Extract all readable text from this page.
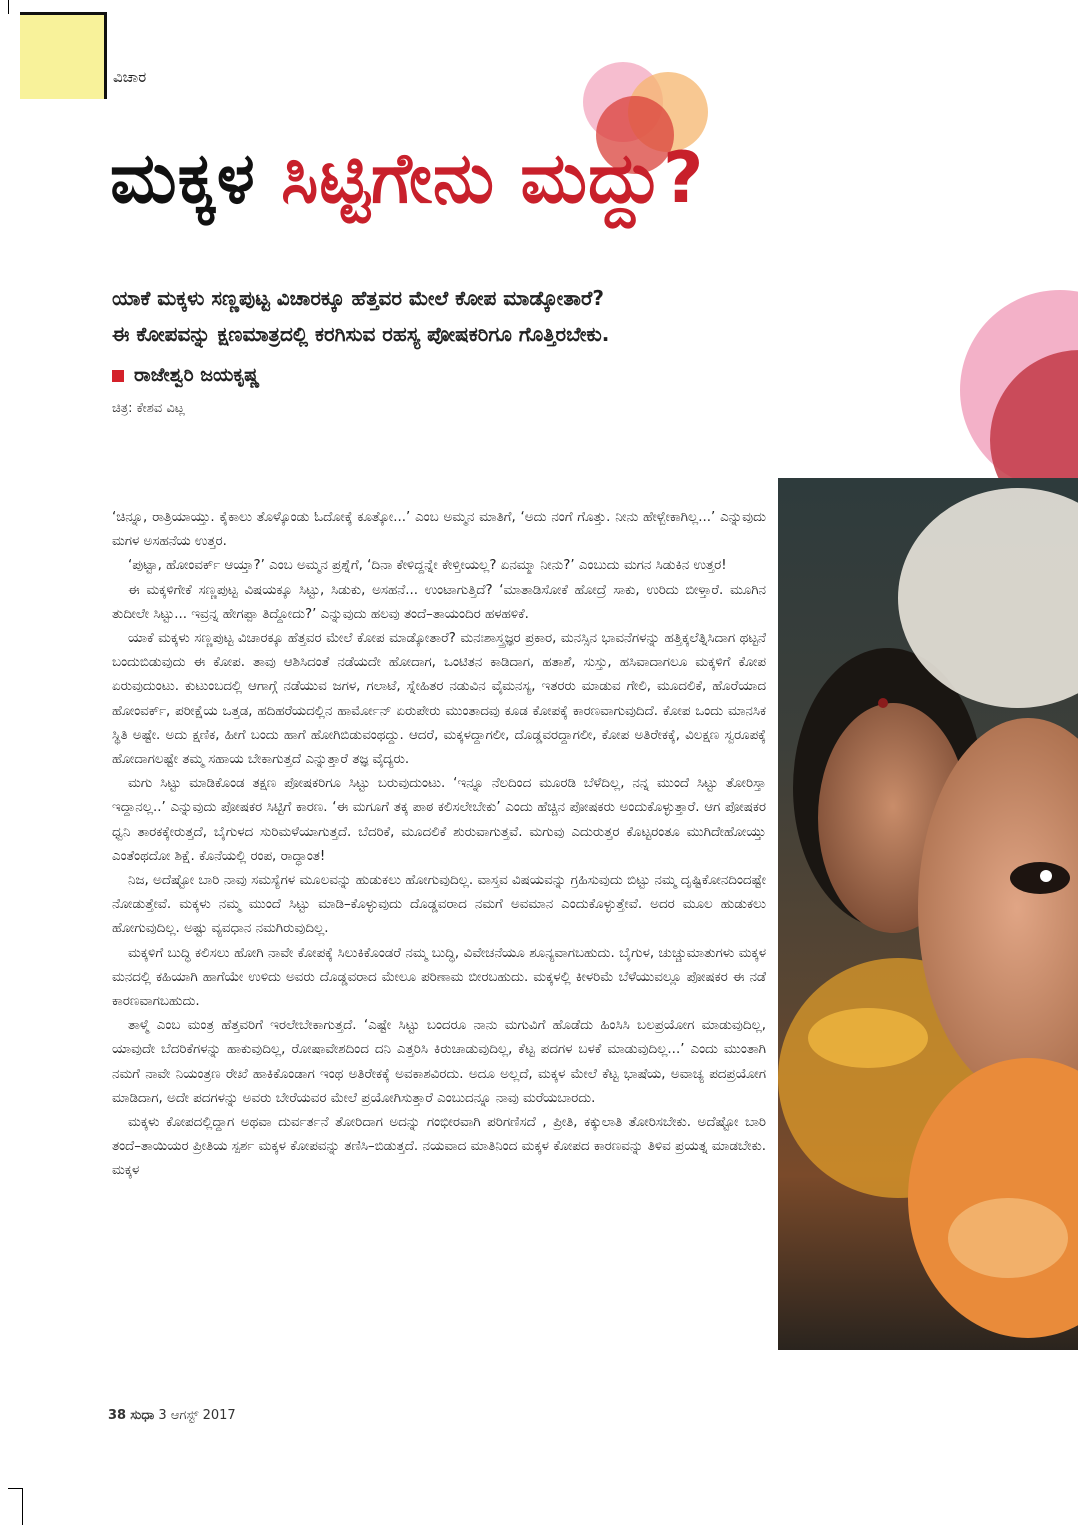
ವಿಚಾರ
ಮಕ್ಕಳ ಸಿಟ್ಟಿಗೇನು ಮದ್ದು?
ಯಾಕೆ ಮಕ್ಕಳು ಸಣ್ಣಪುಟ್ಟ ವಿಚಾರಕ್ಕೂ ಹೆತ್ತವರ ಮೇಲೆ ಕೋಪ ಮಾಡ್ಕೋತಾರೆ?
ಈ ಕೋಪವನ್ನು ಕ್ಷಣಮಾತ್ರದಲ್ಲಿ ಕರಗಿಸುವ ರಹಸ್ಯ ಪೋಷಕರಿಗೂ ಗೊತ್ತಿರಬೇಕು.
ರಾಜೇಶ್ವರಿ ಜಯಕೃಷ್ಣ
ಚಿತ್ರ: ಕೇಶವ ವಿಟ್ಲ

‘ಚಿನ್ನೂ, ರಾತ್ರಿಯಾಯ್ತು. ಕೈಕಾಲು ತೊಳ್ಕೊಂಡು ಓದೋಕ್ಕೆ ಕೂತ್ಕೋ...’ ಎಂಬ ಅಮ್ಮನ ಮಾತಿಗೆ, ‘ಅದು ನಂಗೆ ಗೊತ್ತು. ನೀನು ಹೇಳ್ಬೇಕಾಗಿಲ್ಲ...’ ಎನ್ನುವುದು ಮಗಳ ಅಸಹನೆಯ ಉತ್ತರ.

‘ಪುಟ್ಟಾ, ಹೋಂವರ್ಕ್ ಆಯ್ತಾ?’ ಎಂಬ ಅಮ್ಮನ ಪ್ರಶ್ನೆಗೆ, ‘ದಿನಾ ಕೇಳಿದ್ದನ್ನೇ ಕೇಳ್ತೀಯಲ್ಲ? ಏನಮ್ಮಾ ನೀನು?’ ಎಂಬುದು ಮಗನ ಸಿಡುಕಿನ ಉತ್ತರ!

ಈ ಮಕ್ಕಳಿಗೇಕೆ ಸಣ್ಣಪುಟ್ಟ ವಿಷಯಕ್ಕೂ ಸಿಟ್ಟು, ಸಿಡುಕು, ಅಸಹನೆ... ಉಂಟಾಗುತ್ತಿದೆ? ‘ಮಾತಾಡಿಸೋಕೆ ಹೋದ್ರೆ ಸಾಕು, ಉರಿದು ಬೀಳ್ತಾರೆ. ಮೂಗಿನ ತುದೀಲೇ ಸಿಟ್ಟು... ಇವ್ರನ್ನ ಹೇಗಪ್ಪಾ ತಿದ್ದೋದು?’ ಎನ್ನುವುದು ಹಲವು ತಂದೆ–ತಾಯಂದಿರ ಹಳಹಳಿಕೆ.

ಯಾಕೆ ಮಕ್ಕಳು ಸಣ್ಣಪುಟ್ಟ ವಿಚಾರಕ್ಕೂ ಹೆತ್ತವರ ಮೇಲೆ ಕೋಪ ಮಾಡ್ಕೋತಾರೆ? ಮನಃಶಾಸ್ತ್ರಜ್ಞರ ಪ್ರಕಾರ, ಮನಸ್ಸಿನ ಭಾವನೆಗಳನ್ನು ಹತ್ತಿಕ್ಕಲೆತ್ನಿಸಿದಾಗ ಥಟ್ಟನೆ ಬಂದುಬಿಡುವುದು ಈ ಕೋಪ. ತಾವು ಆಶಿಸಿದಂತೆ ನಡೆಯದೇ ಹೋದಾಗ, ಒಂಟಿತನ ಕಾಡಿದಾಗ, ಹತಾಶೆ, ಸುಸ್ತು, ಹಸಿವಾದಾಗಲೂ ಮಕ್ಕಳಿಗೆ ಕೋಪ ಏರುವುದುಂಟು. ಕುಟುಂಬದಲ್ಲಿ ಆಗಾಗ್ಗೆ ನಡೆಯುವ ಜಗಳ, ಗಲಾಟೆ, ಸ್ನೇಹಿತರ ನಡುವಿನ ವೈಮನಸ್ಯ, ಇತರರು ಮಾಡುವ ಗೇಲಿ, ಮೂದಲಿಕೆ, ಹೊರೆಯಾದ ಹೋಂವರ್ಕ್, ಪರೀಕ್ಷೆಯ ಒತ್ತಡ, ಹದಿಹರೆಯದಲ್ಲಿನ ಹಾರ್ಮೋನ್ ಏರುಪೇರು ಮುಂತಾದವು ಕೂಡ ಕೋಪಕ್ಕೆ ಕಾರಣವಾಗುವುದಿದೆ. ಕೋಪ ಒಂದು ಮಾನಸಿಕ ಸ್ಥಿತಿ ಅಷ್ಟೇ. ಅದು ಕ್ಷಣಿಕ, ಹೀಗೆ ಬಂದು ಹಾಗೆ ಹೋಗಿಬಿಡುವಂಥದ್ದು. ಆದರೆ, ಮಕ್ಕಳದ್ದಾಗಲೀ, ದೊಡ್ಡವರದ್ದಾಗಲೀ, ಕೋಪ ಅತಿರೇಕಕ್ಕೆ, ವಿಲಕ್ಷಣ ಸ್ವರೂಪಕ್ಕೆ ಹೋದಾಗಲಷ್ಟೇ ತಮ್ಮ ಸಹಾಯ ಬೇಕಾಗುತ್ತದೆ ಎನ್ನುತ್ತಾರೆ ತಜ್ಞ ವೈದ್ಯರು.

ಮಗು ಸಿಟ್ಟು ಮಾಡಿಕೊಂಡ ತಕ್ಷಣ ಪೋಷಕರಿಗೂ ಸಿಟ್ಟು ಬರುವುದುಂಟು. ‘ಇನ್ನೂ ನೆಲದಿಂದ ಮೂರಡಿ ಬೆಳೆದಿಲ್ಲ, ನನ್ನ ಮುಂದೆ ಸಿಟ್ಟು ತೋರಿಸ್ತಾ ಇದ್ದಾನಲ್ಲ..’ ಎನ್ನುವುದು ಪೋಷಕರ ಸಿಟ್ಟಿಗೆ ಕಾರಣ. ‘ಈ ಮಗೂಗೆ ತಕ್ಕ ಪಾಠ ಕಲಿಸಲೇಬೇಕು’ ಎಂದು ಹೆಚ್ಚಿನ ಪೋಷಕರು ಅಂದುಕೊಳ್ಳುತ್ತಾರೆ. ಆಗ ಪೋಷಕರ ಧ್ವನಿ ತಾರಕಕ್ಕೇರುತ್ತದೆ, ಬೈಗುಳದ ಸುರಿಮಳೆಯಾಗುತ್ತದೆ. ಬೆದರಿಕೆ, ಮೂದಲಿಕೆ ಶುರುವಾಗುತ್ತವೆ. ಮಗುವು ಎದುರುತ್ತರ ಕೊಟ್ಟರಂತೂ ಮುಗಿದೇಹೋಯ್ತು ಎಂತೆಂಥದೋ ಶಿಕ್ಷೆ. ಕೊನೆಯಲ್ಲಿ ರಂಪ, ರಾದ್ಧಾಂತ!

ನಿಜ, ಅದೆಷ್ಟೋ ಬಾರಿ ನಾವು ಸಮಸ್ಯೆಗಳ ಮೂಲವನ್ನು ಹುಡುಕಲು ಹೋಗುವುದಿಲ್ಲ. ವಾಸ್ತವ ವಿಷಯವನ್ನು ಗ್ರಹಿಸುವುದು ಬಿಟ್ಟು ನಮ್ಮ ದೃಷ್ಟಿಕೋನದಿಂದಷ್ಟೇ ನೋಡುತ್ತೇವೆ. ಮಕ್ಕಳು ನಮ್ಮ ಮುಂದೆ ಸಿಟ್ಟು ಮಾಡಿ–ಕೊಳ್ಳುವುದು ದೊಡ್ಡವರಾದ ನಮಗೆ ಅವಮಾನ ಎಂದುಕೊಳ್ಳುತ್ತೇವೆ. ಅದರ ಮೂಲ ಹುಡುಕಲು ಹೋಗುವುದಿಲ್ಲ. ಅಷ್ಟು ವ್ಯವಧಾನ ನಮಗಿರುವುದಿಲ್ಲ.

ಮಕ್ಕಳಿಗೆ ಬುದ್ಧಿ ಕಲಿಸಲು ಹೋಗಿ ನಾವೇ ಕೋಪಕ್ಕೆ ಸಿಲುಕಿಕೊಂಡರೆ ನಮ್ಮ ಬುದ್ಧಿ, ವಿವೇಚನೆಯೂ ಶೂನ್ಯವಾಗಬಹುದು. ಬೈಗುಳ, ಚುಚ್ಚುಮಾತುಗಳು ಮಕ್ಕಳ ಮನದಲ್ಲಿ ಕಹಿಯಾಗಿ ಹಾಗೆಯೇ ಉಳಿದು ಅವರು ದೊಡ್ಡವರಾದ ಮೇಲೂ ಪರಿಣಾಮ ಬೀರಬಹುದು. ಮಕ್ಕಳಲ್ಲಿ ಕೀಳರಿಮೆ ಬೆಳೆಯುವಲ್ಲೂ ಪೋಷಕರ ಈ ನಡೆ ಕಾರಣವಾಗಬಹುದು.

ತಾಳ್ಮೆ ಎಂಬ ಮಂತ್ರ ಹೆತ್ತವರಿಗೆ ಇರಲೇಬೇಕಾಗುತ್ತದೆ. ‘ಎಷ್ಟೇ ಸಿಟ್ಟು ಬಂದರೂ ನಾನು ಮಗುವಿಗೆ ಹೊಡೆದು ಹಿಂಸಿಸಿ ಬಲಪ್ರಯೋಗ ಮಾಡುವುದಿಲ್ಲ, ಯಾವುದೇ ಬೆದರಿಕೆಗಳನ್ನು ಹಾಕುವುದಿಲ್ಲ, ರೋಷಾವೇಶದಿಂದ ದನಿ ಎತ್ತರಿಸಿ ಕಿರುಚಾಡುವುದಿಲ್ಲ, ಕೆಟ್ಟ ಪದಗಳ ಬಳಕೆ ಮಾಡುವುದಿಲ್ಲ...’ ಎಂದು ಮುಂತಾಗಿ ನಮಗೆ ನಾವೇ ನಿಯಂತ್ರಣ ರೇಖೆ ಹಾಕಿಕೊಂಡಾಗ ಇಂಥ ಅತಿರೇಕಕ್ಕೆ ಅವಕಾಶವಿರದು. ಅದೂ ಅಲ್ಲದೆ, ಮಕ್ಕಳ ಮೇಲೆ ಕೆಟ್ಟ ಭಾಷೆಯ, ಅವಾಚ್ಯ ಪದಪ್ರಯೋಗ ಮಾಡಿದಾಗ, ಅದೇ ಪದಗಳನ್ನು ಅವರು ಬೇರೆಯವರ ಮೇಲೆ ಪ್ರಯೋಗಿಸುತ್ತಾರೆ ಎಂಬುದನ್ನೂ ನಾವು ಮರೆಯಬಾರದು.

ಮಕ್ಕಳು ಕೋಪದಲ್ಲಿದ್ದಾಗ ಅಥವಾ ದುರ್ವರ್ತನೆ ತೋರಿದಾಗ ಅದನ್ನು ಗಂಭೀರವಾಗಿ ಪರಿಗಣಿಸದೆ , ಪ್ರೀತಿ, ಕಕ್ಕುಲಾತಿ ತೋರಿಸಬೇಕು. ಅದೆಷ್ಟೋ ಬಾರಿ ತಂದೆ–ತಾಯಿಯರ ಪ್ರೀತಿಯ ಸ್ಪರ್ಶ ಮಕ್ಕಳ ಕೋಪವನ್ನು ತಣಿಸಿ–ಬಿಡುತ್ತದೆ. ನಯವಾದ ಮಾತಿನಿಂದ ಮಕ್ಕಳ ಕೋಪದ ಕಾರಣವನ್ನು ತಿಳಿವ ಪ್ರಯತ್ನ ಮಾಡಬೇಕು. ಮಕ್ಕಳ

38 ಸುಧಾ 3 ಆಗಸ್ಟ್ 2017
